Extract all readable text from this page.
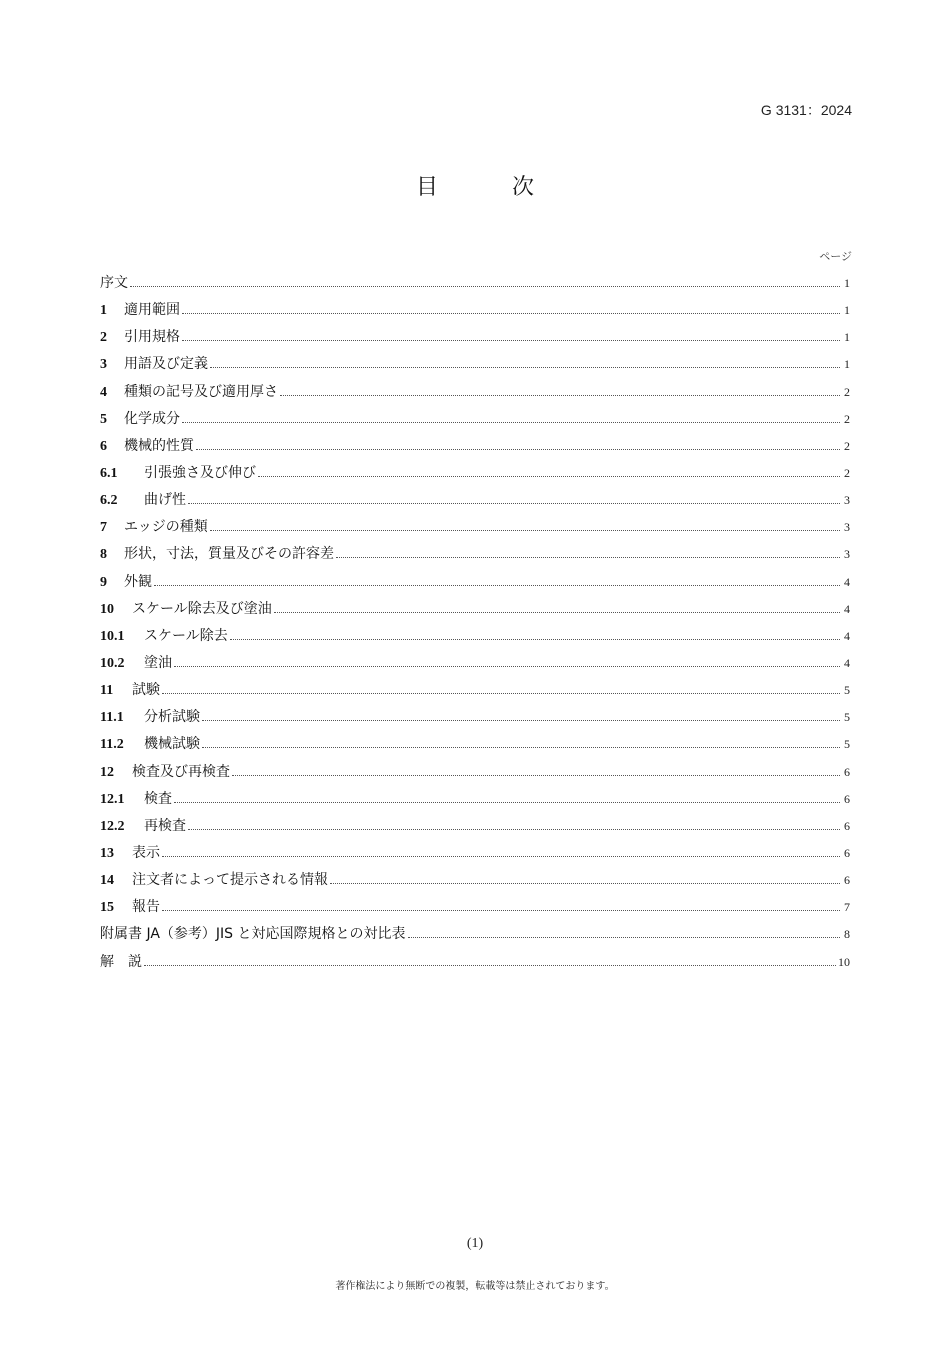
G 3131：2024
目　次
ページ
序文	1
1	適用範囲	1
2	引用規格	1
3	用語及び定義	1
4	種類の記号及び適用厚さ	2
5	化学成分	2
6	機械的性質	2
6.1	引張強さ及び伸び	2
6.2	曲げ性	3
7	エッジの種類	3
8	形状，寸法，質量及びその許容差	3
9	外観	4
10	スケール除去及び塗油	4
10.1	スケール除去	4
10.2	塗油	4
11	試験	5
11.1	分析試験	5
11.2	機械試験	5
12	検査及び再検査	6
12.1	検査	6
12.2	再検査	6
13	表示	6
14	注文者によって提示される情報	6
15	報告	7
附属書 JA（参考）JIS と対応国際規格との対比表	8
解　説	10
(1)
著作権法により無断での複製，転載等は禁止されております。
